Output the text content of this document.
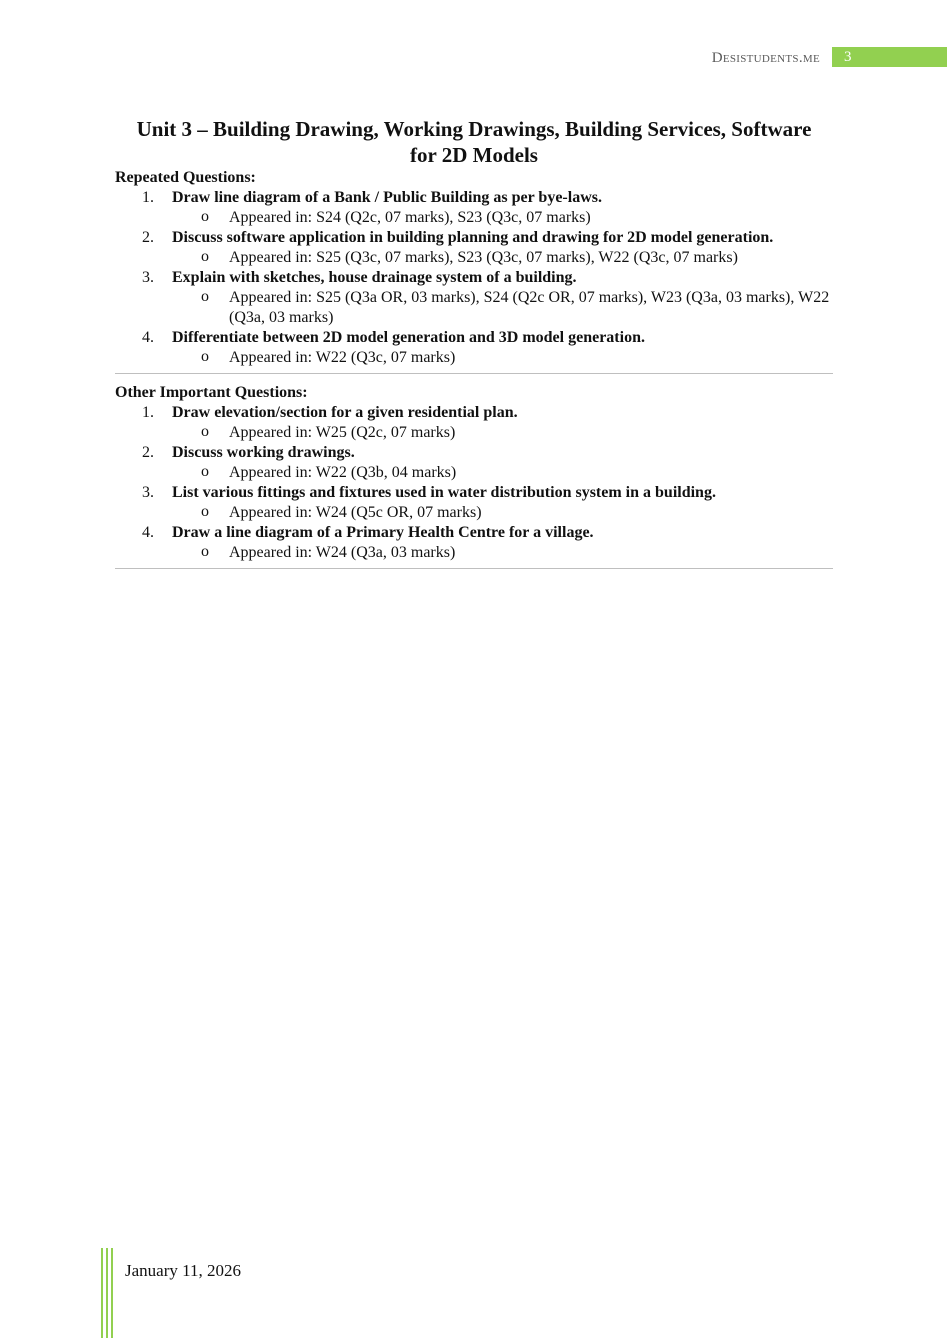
Desistudents.me 3
Unit 3 – Building Drawing, Working Drawings, Building Services, Software
for 2D Models
Repeated Questions:
1. Draw line diagram of a Bank / Public Building as per bye-laws.
o Appeared in: S24 (Q2c, 07 marks), S23 (Q3c, 07 marks)
2. Discuss software application in building planning and drawing for 2D model generation.
o Appeared in: S25 (Q3c, 07 marks), S23 (Q3c, 07 marks), W22 (Q3c, 07 marks)
3. Explain with sketches, house drainage system of a building.
o Appeared in: S25 (Q3a OR, 03 marks), S24 (Q2c OR, 07 marks), W23 (Q3a, 03 marks), W22 (Q3a, 03 marks)
4. Differentiate between 2D model generation and 3D model generation.
o Appeared in: W22 (Q3c, 07 marks)
Other Important Questions:
1. Draw elevation/section for a given residential plan.
o Appeared in: W25 (Q2c, 07 marks)
2. Discuss working drawings.
o Appeared in: W22 (Q3b, 04 marks)
3. List various fittings and fixtures used in water distribution system in a building.
o Appeared in: W24 (Q5c OR, 07 marks)
4. Draw a line diagram of a Primary Health Centre for a village.
o Appeared in: W24 (Q3a, 03 marks)
January 11, 2026
